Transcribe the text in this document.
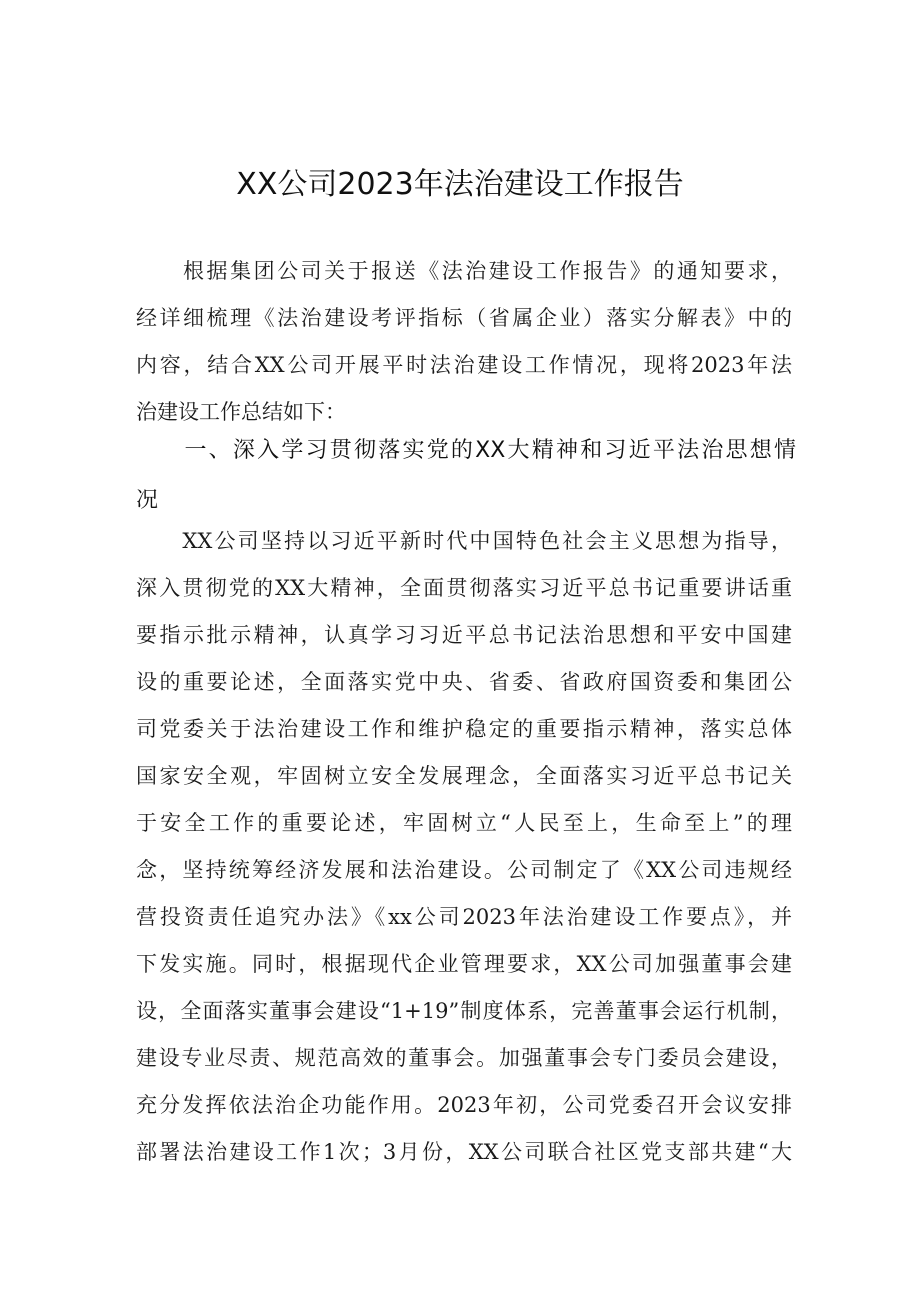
XX公司2023年法治建设工作报告
　　根据集团公司关于报送《法治建设工作报告》的通知要求，
经详细梳理《法治建设考评指标（省属企业）落实分解表》中的
内容，结合XX公司开展平时法治建设工作情况，现将2023年法
治建设工作总结如下：
　　一、深入学习贯彻落实党的XX大精神和习近平法治思想情
况
　　XX公司坚持以习近平新时代中国特色社会主义思想为指导，
深入贯彻党的XX大精神，全面贯彻落实习近平总书记重要讲话重
要指示批示精神，认真学习习近平总书记法治思想和平安中国建
设的重要论述，全面落实党中央、省委、省政府国资委和集团公
司党委关于法治建设工作和维护稳定的重要指示精神，落实总体
国家安全观，牢固树立安全发展理念，全面落实习近平总书记关
于安全工作的重要论述，牢固树立“人民至上，生命至上”的理
念，坚持统筹经济发展和法治建设。公司制定了《XX公司违规经
营投资责任追究办法》《xx公司2023年法治建设工作要点》，并
下发实施。同时，根据现代企业管理要求，XX公司加强董事会建
设，全面落实董事会建设“1+19”制度体系，完善董事会运行机制，
建设专业尽责、规范高效的董事会。加强董事会专门委员会建设，
充分发挥依法治企功能作用。2023年初，公司党委召开会议安排
部署法治建设工作1次；3月份，XX公司联合社区党支部共建“大
